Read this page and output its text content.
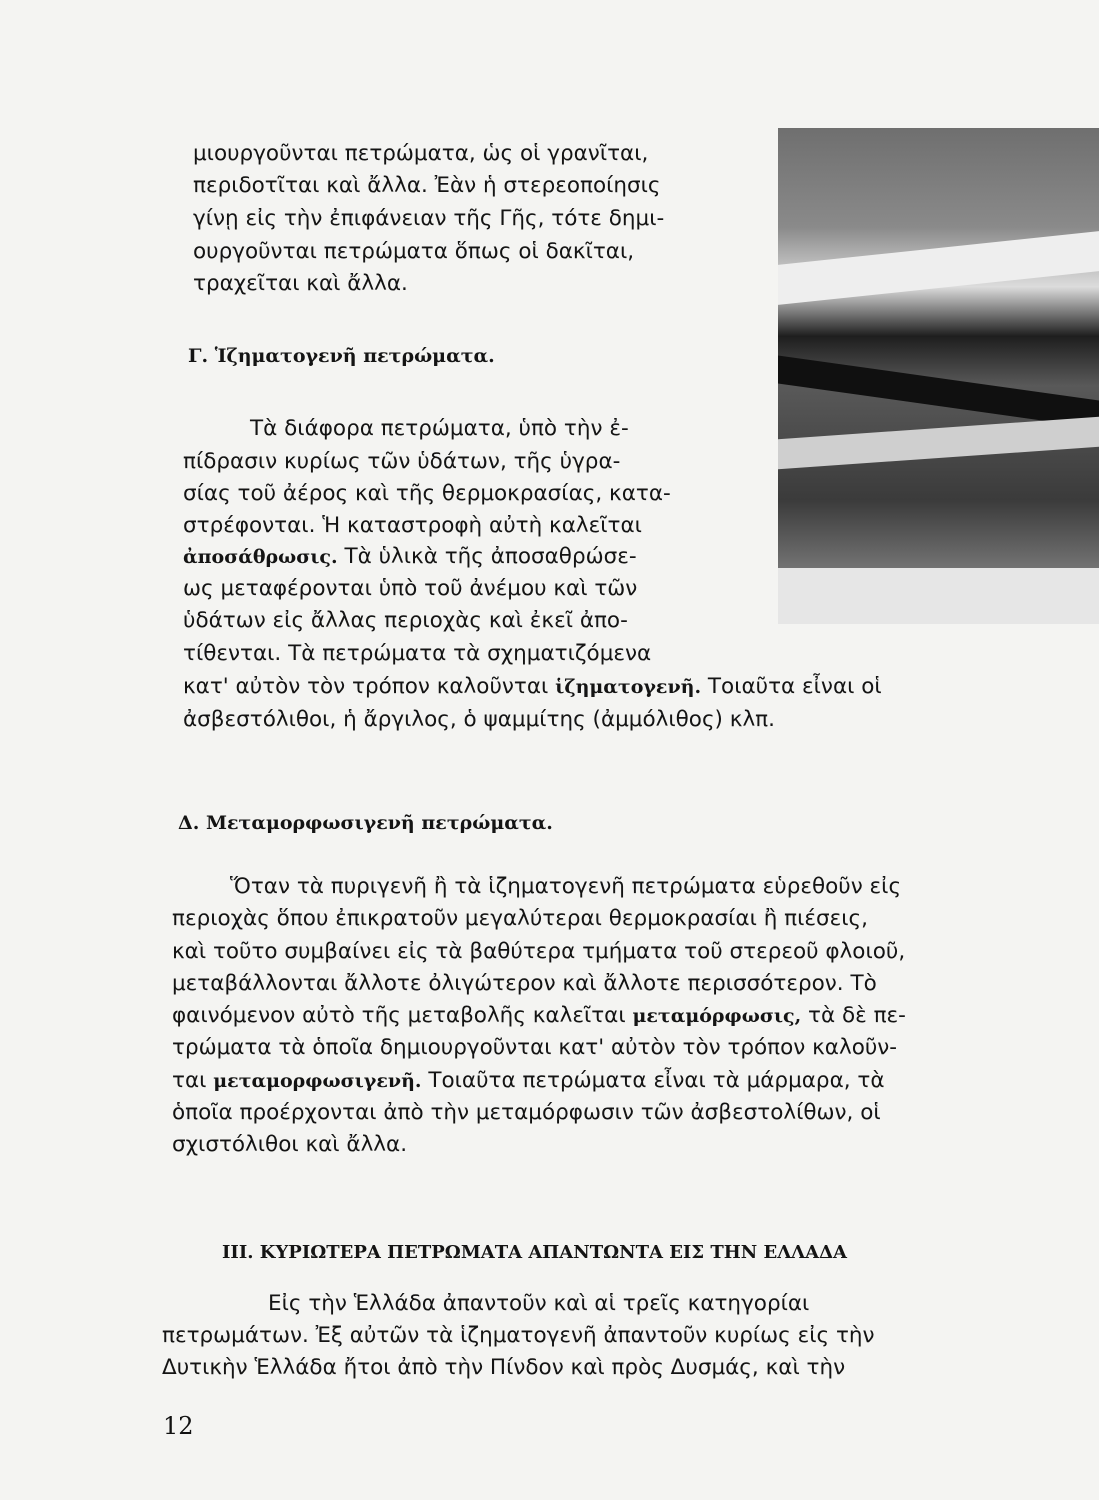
μιουργοῦνται πετρώματα, ὡς οἱ γρανῖται,
περιδοτῖται καὶ ἄλλα. Ἐὰν ἡ στερεοποίησις
γίνῃ εἰς τὴν ἐπιφάνειαν τῆς Γῆς, τότε δημι-
ουργοῦνται πετρώματα ὅπως οἱ δακῖται,
τραχεῖται καὶ ἄλλα.
Γ. Ἱζηματογενῆ πετρώματα.
Τὰ διάφορα πετρώματα, ὑπὸ τὴν ἐ-
πίδρασιν κυρίως τῶν ὑδάτων, τῆς ὑγρα-
σίας τοῦ ἀέρος καὶ τῆς θερμοκρασίας, κατα-
στρέφονται. Ἡ καταστροφὴ αὐτὴ καλεῖται
ἀποσάθρωσις. Τὰ ὑλικὰ τῆς ἀποσαθρώσε-
ως μεταφέρονται ὑπὸ τοῦ ἀνέμου καὶ τῶν
ὑδάτων εἰς ἄλλας περιοχὰς καὶ ἐκεῖ ἀπο-
τίθενται. Τὰ πετρώματα τὰ σχηματιζόμενα
κατ' αὐτὸν τὸν τρόπον καλοῦνται ἱζηματογενῆ. Τοιαῦτα εἶναι οἱ
ἀσβεστόλιθοι, ἡ ἄργιλος, ὁ ψαμμίτης (ἀμμόλιθος) κλπ.
Δ. Μεταμορφωσιγενῆ πετρώματα.
Ὅταν τὰ πυριγενῆ ἢ τὰ ἱζηματογενῆ πετρώματα εὑρεθοῦν εἰς
περιοχὰς ὅπου ἐπικρατοῦν μεγαλύτεραι θερμοκρασίαι ἢ πιέσεις,
καὶ τοῦτο συμβαίνει εἰς τὰ βαθύτερα τμήματα τοῦ στερεοῦ φλοιοῦ,
μεταβάλλονται ἄλλοτε ὀλιγώτερον καὶ ἄλλοτε περισσότερον. Τὸ
φαινόμενον αὐτὸ τῆς μεταβολῆς καλεῖται μεταμόρφωσις, τὰ δὲ πε-
τρώματα τὰ ὁποῖα δημιουργοῦνται κατ' αὐτὸν τὸν τρόπον καλοῦν-
ται μεταμορφωσιγενῆ. Τοιαῦτα πετρώματα εἶναι τὰ μάρμαρα, τὰ
ὁποῖα προέρχονται ἀπὸ τὴν μεταμόρφωσιν τῶν ἀσβεστολίθων, οἱ
σχιστόλιθοι καὶ ἄλλα.
ΙΙΙ. ΚΥΡΙΩΤΕΡΑ ΠΕΤΡΩΜΑΤΑ ΑΠΑΝΤΩΝΤΑ ΕΙΣ ΤΗΝ ΕΛΛΑΔΑ
Εἰς τὴν Ἑλλάδα ἀπαντοῦν καὶ αἱ τρεῖς κατηγορίαι
πετρωμάτων. Ἐξ αὐτῶν τὰ ἱζηματογενῆ ἀπαντοῦν κυρίως εἰς τὴν
Δυτικὴν Ἑλλάδα ἤτοι ἀπὸ τὴν Πίνδον καὶ πρὸς Δυσμάς, καὶ τὴν
12
